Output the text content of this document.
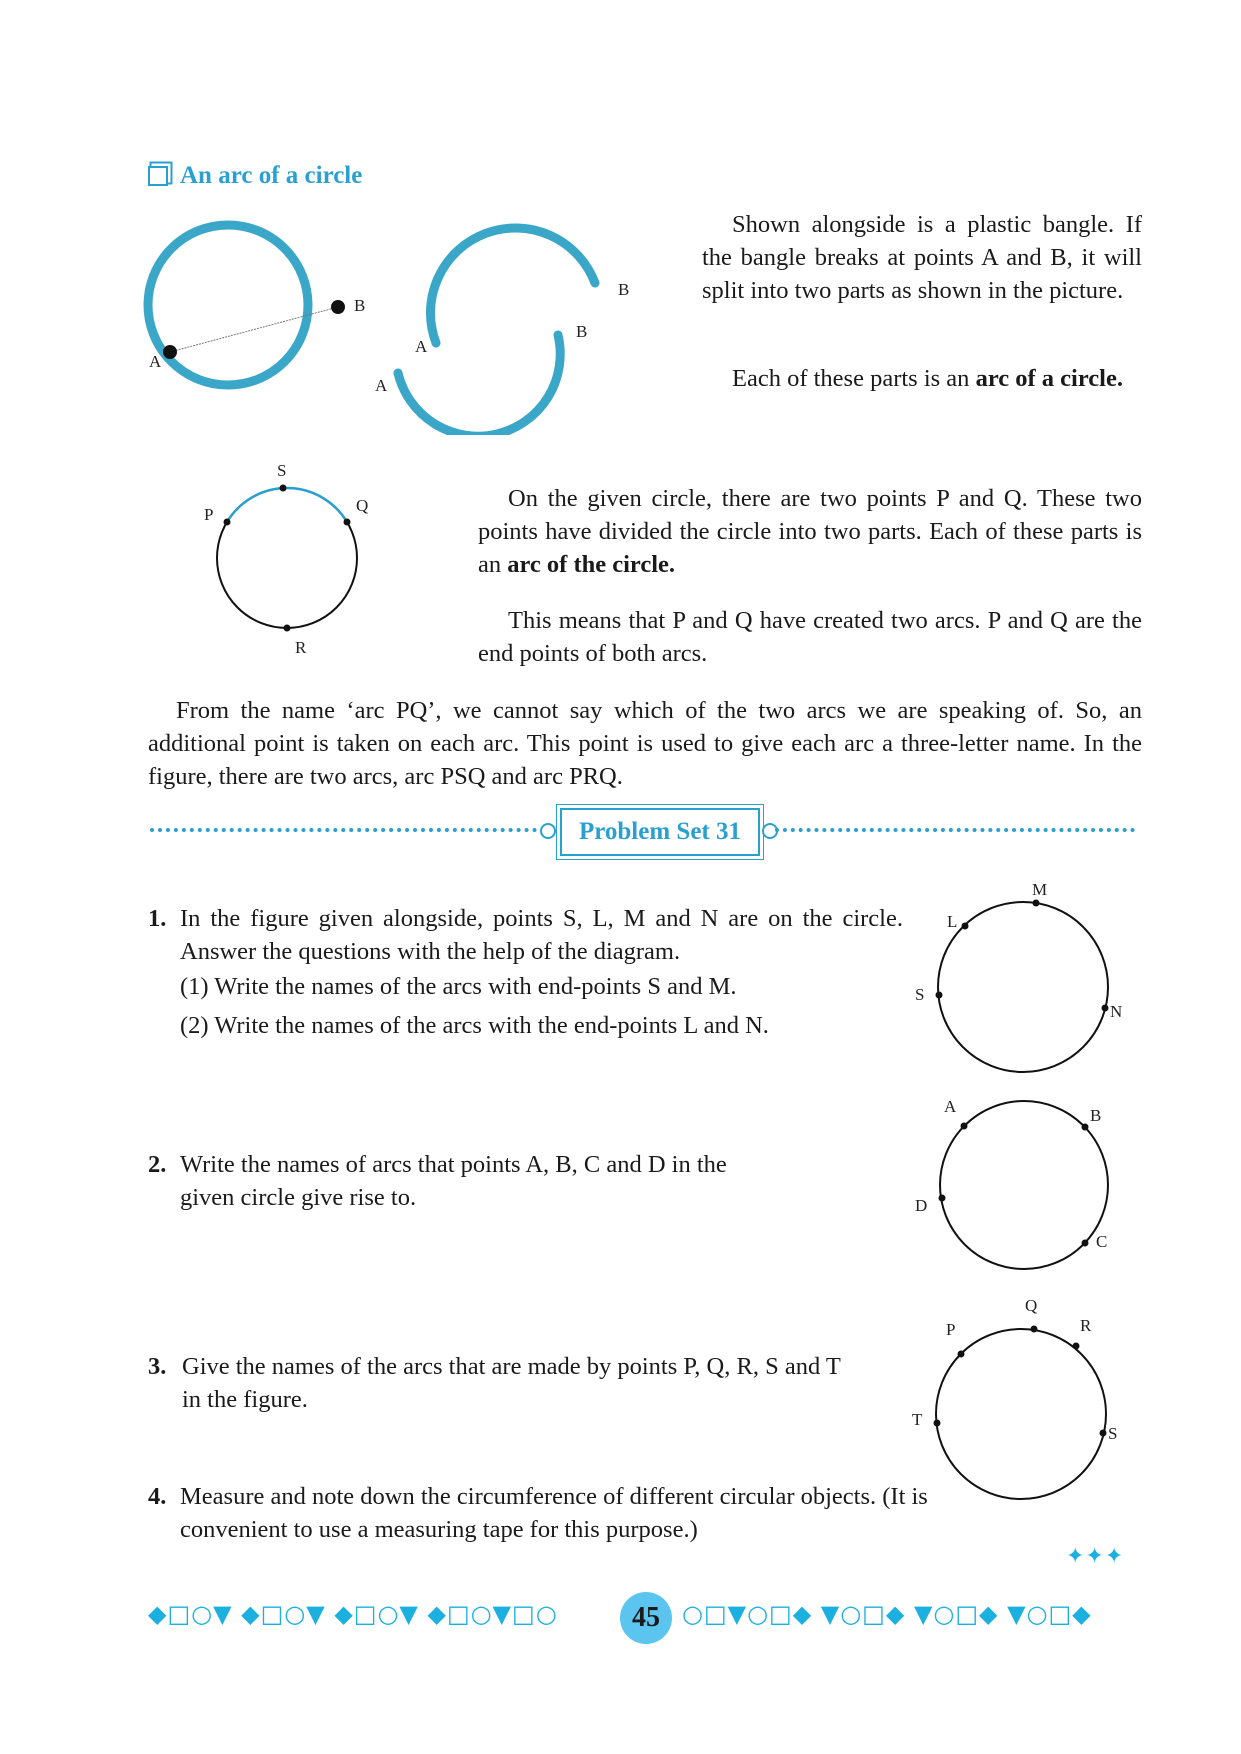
An arc of a circle
A
B
A
B
A
B
Shown alongside is a plastic bangle. If the bangle breaks at points A and B, it will split into two parts as shown in the picture.
Each of these parts is an arc of a circle.
S
P	Q
R
On the given circle, there are two points P and Q. These two points have divided the circle into two parts. Each of these parts is an arc of the circle.
This means that P and Q have created two arcs. P and Q are the end points of both arcs.
From the name ‘arc PQ’, we cannot say which of the two arcs we are speaking of. So, an additional point is taken on each arc. This point is used to give each arc a three-letter name. In the figure, there are two arcs, arc PSQ and arc PRQ.
Problem Set 31
1. In the figure given alongside, points S, L, M and N are on the circle. Answer the questions with the help of the diagram.
(1) Write the names of the arcs with end-points S and M.
(2) Write the names of the arcs with the end-points L and N.
M
L
S
N
2. Write the names of arcs that points A, B, C and D in the given circle give rise to.
A	B
C
D
3. Give the names of the arcs that are made by points P, Q, R, S and T in the figure.
Q
P	R
T
S
4. Measure and note down the circumference of different circular objects. (It is convenient to use a measuring tape for this purpose.)
✦✦✦
◆□○▼ ◆□○▼ ◆□○▼ ◆□○▼□○	45 ○□▼○□◆ ▼○□◆ ▼○□◆ ▼○□◆
